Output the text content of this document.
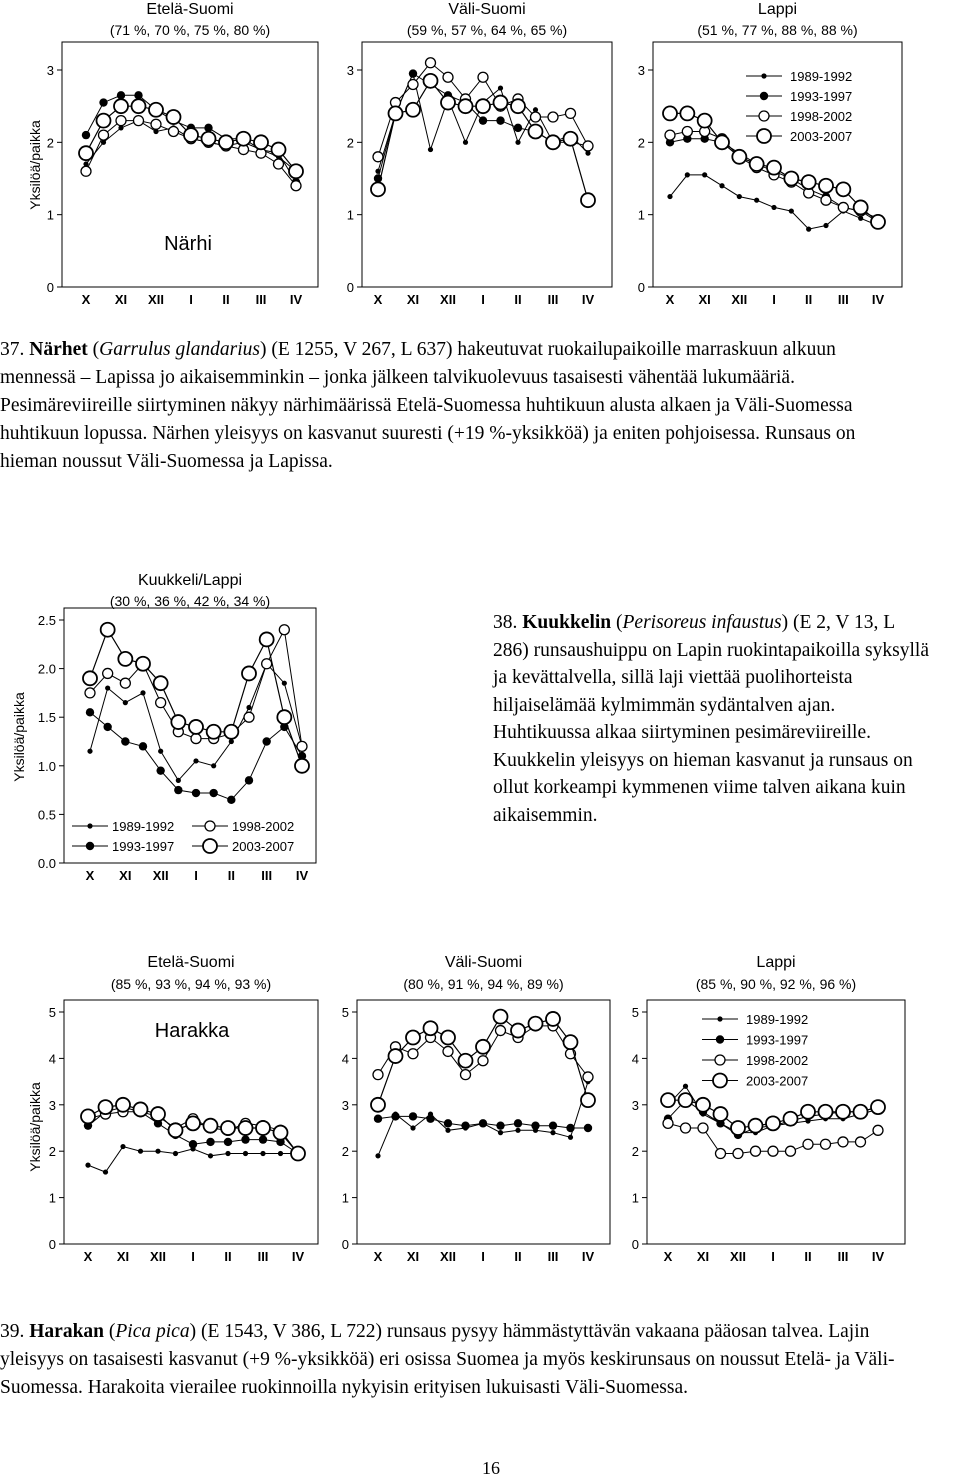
Etelä-Suomi
(71 %, 70 %, 75 %, 80 %)
0
1
2
3
X XI XII I II III IV
Väli-Suomi
(59 %, 57 %, 64 %, 65 %)
0
1
2
3
X XI XII I II III IV
Lappi
(51 %, 77 %, 88 %, 88 %)
0
1
2
3
X XI XII I II III IV
Närhi
Yksilöä/paikka
1989-1992
1993-1997
1998-2002
2003-2007
Kuukkeli/Lappi
(30 %, 36 %, 42 %, 34 %)
0.0
0.5
1.0
1.5
2.0
2.5
X XI XII I II III IV
Yksilöä/paikka
1989-1992
1993-1997
1998-2002
2003-2007
Etelä-Suomi
(85 %, 93 %, 94 %, 93 %)
0
1
2
3
4
5
X XI XII I II III IV
Väli-Suomi
(80 %, 91 %, 94 %, 89 %)
0
1
2
3
4
5
X XI XII I II III IV
Lappi
(85 %, 90 %, 92 %, 96 %)
0
1
2
3
4
5
X XI XII I II III IV
Harakka
Yksilöä/paikka
1989-1992
1993-1997
1998-2002
2003-2007

37. Närhet (Garrulus glandarius) (E 1255, V 267, L 637) hakeutuvat ruokailupaikoille marraskuun alkuun mennessä – Lapissa jo aikaisemminkin – jonka jälkeen talvikuolevuus tasaisesti vähentää lukumääriä. Pesimäreviireille siirtyminen näkyy närhimäärissä Etelä-Suomessa huhtikuun alusta alkaen ja Väli-Suomessa huhtikuun lopussa. Närhen yleisyys on kasvanut suuresti (+19 %-yksikköä) ja eniten pohjoisessa. Runsaus on hieman noussut Väli-Suomessa ja Lapissa.

38. Kuukkelin (Perisoreus infaustus) (E 2, V 13, L 286) runsaushuippu on Lapin ruokintapaikoilla syksyllä ja kevättalvella, sillä laji viettää puolihorteista hiljaiselämää kylmimmän sydäntalven ajan. Huhtikuussa alkaa siirtyminen pesimäreviireille. Kuukkelin yleisyys on hieman kasvanut ja runsaus on ollut korkeampi kymmenen viime talven aikana kuin aikaisemmin.

39. Harakan (Pica pica) (E 1543, V 386, L 722) runsaus pysyy hämmästyttävän vakaana pääosan talvea. Lajin yleisyys on tasaisesti kasvanut (+9 %-yksikköä) eri osissa Suomea ja myös keskirunsaus on noussut Etelä- ja Väli-Suomessa. Harakoita vierailee ruokinnoilla nykyisin erityisen lukuisasti Väli-Suomessa.

16
